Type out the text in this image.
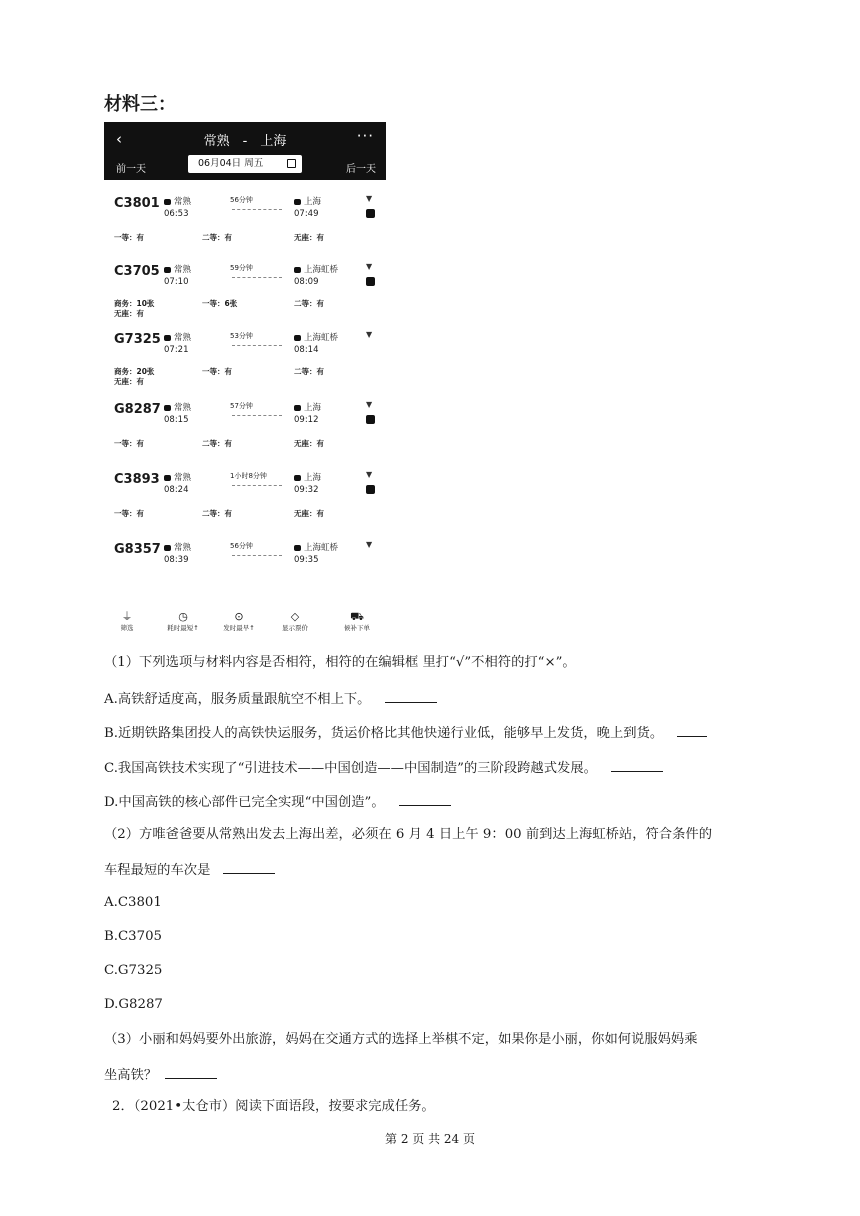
材料三：
‹	常熟　-　上海	···
前一天
06月04日 周五
后一天
C3801	常熟
06:53
56分钟	上海
07:49
▼
一等：有	二等：有	无座：有
C3705	常熟
07:10
59分钟	上海虹桥
08:09
▼
商务：10张	一等：6张	二等：有
无座：有
G7325	常熟
07:21
53分钟	上海虹桥
08:14
▼
商务：20张	一等：有	二等：有
无座：有
G8287	常熟
08:15
57分钟	上海
09:12
▼
一等：有	二等：有	无座：有
C3893	常熟
08:24
1小时8分钟	上海
09:32
▼
一等：有	二等：有	无座：有
G8357	常熟
08:39
56分钟	上海虹桥
09:35
▼
⏚
筛选
◷
耗时最短↑
⊙
发时最早↑
◇
显示票价
⛟
候补下单
（1）下列选项与材料内容是否相符，相符的在编辑框 里打“√”不相符的打“×”。
A.高铁舒适度高，服务质量跟航空不相上下。
B.近期铁路集团投人的高铁快运服务，货运价格比其他快递行业低，能够早上发货，晚上到货。
C.我国高铁技术实现了“引进技术——中国创造——中国制造”的三阶段跨越式发展。
D.中国高铁的核心部件已完全实现“中国创造”。
（2）方唯爸爸要从常熟出发去上海出差，必须在 6 月 4 日上午 9：00 前到达上海虹桥站，符合条件的
车程最短的车次是
A.C3801
B.C3705
C.G7325
D.G8287
（3）小丽和妈妈要外出旅游，妈妈在交通方式的选择上举棋不定，如果你是小丽，你如何说服妈妈乘
坐高铁？
2．（2021•太仓市）阅读下面语段，按要求完成任务。
第 2 页 共 24 页
